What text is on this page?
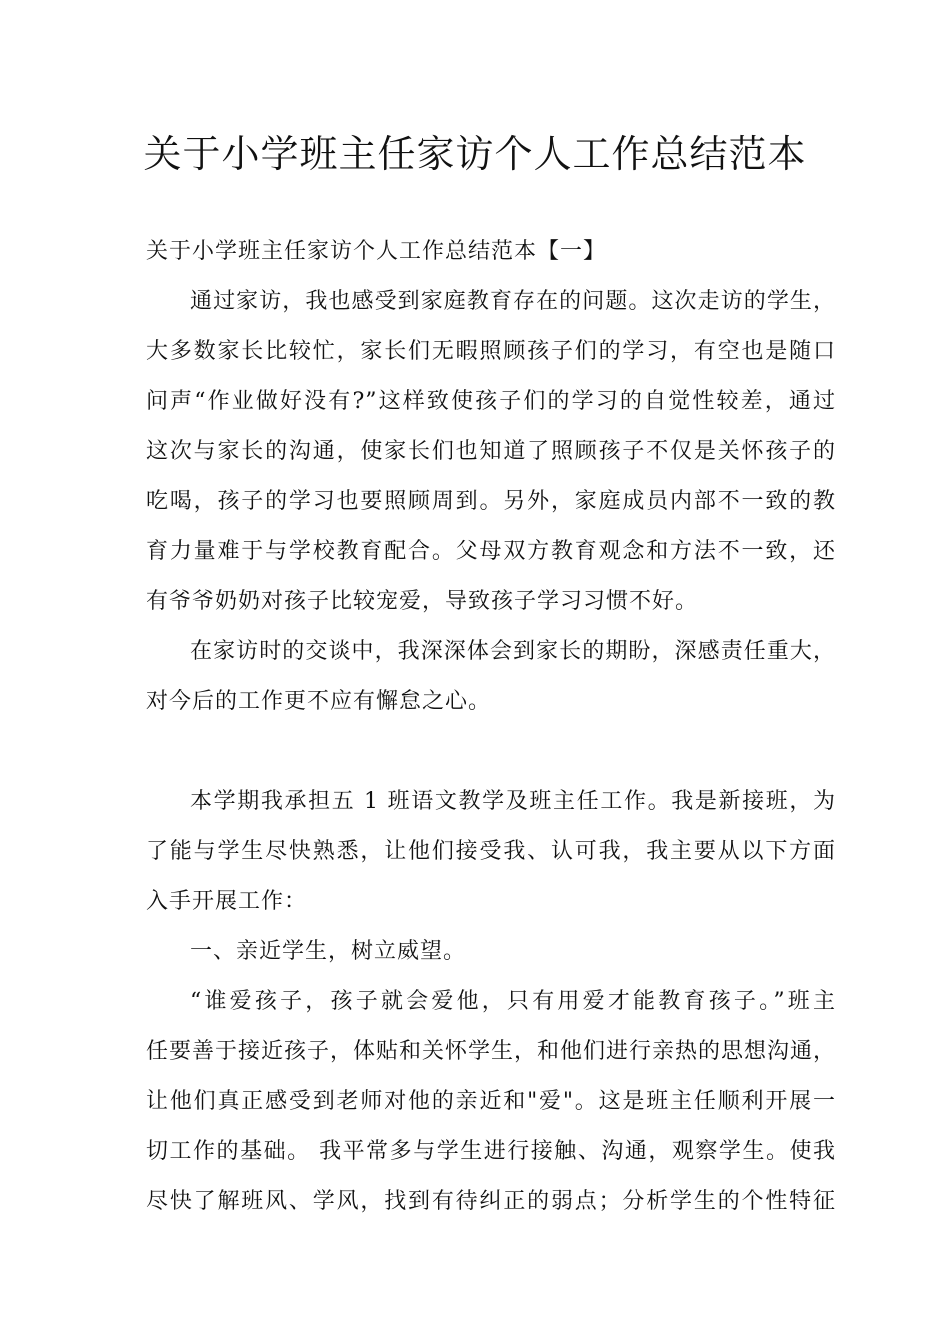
关于小学班主任家访个人工作总结范本
关于小学班主任家访个人工作总结范本【一】
通过家访，我也感受到家庭教育存在的问题。这次走访的学生，
大多数家长比较忙，家长们无暇照顾孩子们的学习，有空也是随口
问声“作业做好没有?”这样致使孩子们的学习的自觉性较差，通过
这次与家长的沟通，使家长们也知道了照顾孩子不仅是关怀孩子的
吃喝，孩子的学习也要照顾周到。另外，家庭成员内部不一致的教
育力量难于与学校教育配合。父母双方教育观念和方法不一致，还
有爷爷奶奶对孩子比较宠爱，导致孩子学习习惯不好。
在家访时的交谈中，我深深体会到家长的期盼，深感责任重大，
对今后的工作更不应有懈怠之心。
本学期我承担五 1 班语文教学及班主任工作。我是新接班，为
了能与学生尽快熟悉，让他们接受我、认可我，我主要从以下方面
入手开展工作：
一、亲近学生，树立威望。
“谁爱孩子，孩子就会爱他，只有用爱才能教育孩子。”班主
任要善于接近孩子，体贴和关怀学生，和他们进行亲热的思想沟通，
让他们真正感受到老师对他的亲近和"爱"。这是班主任顺利开展一
切工作的基础。 我平常多与学生进行接触、沟通，观察学生。使我
尽快了解班风、学风，找到有待纠正的弱点；分析学生的个性特征
